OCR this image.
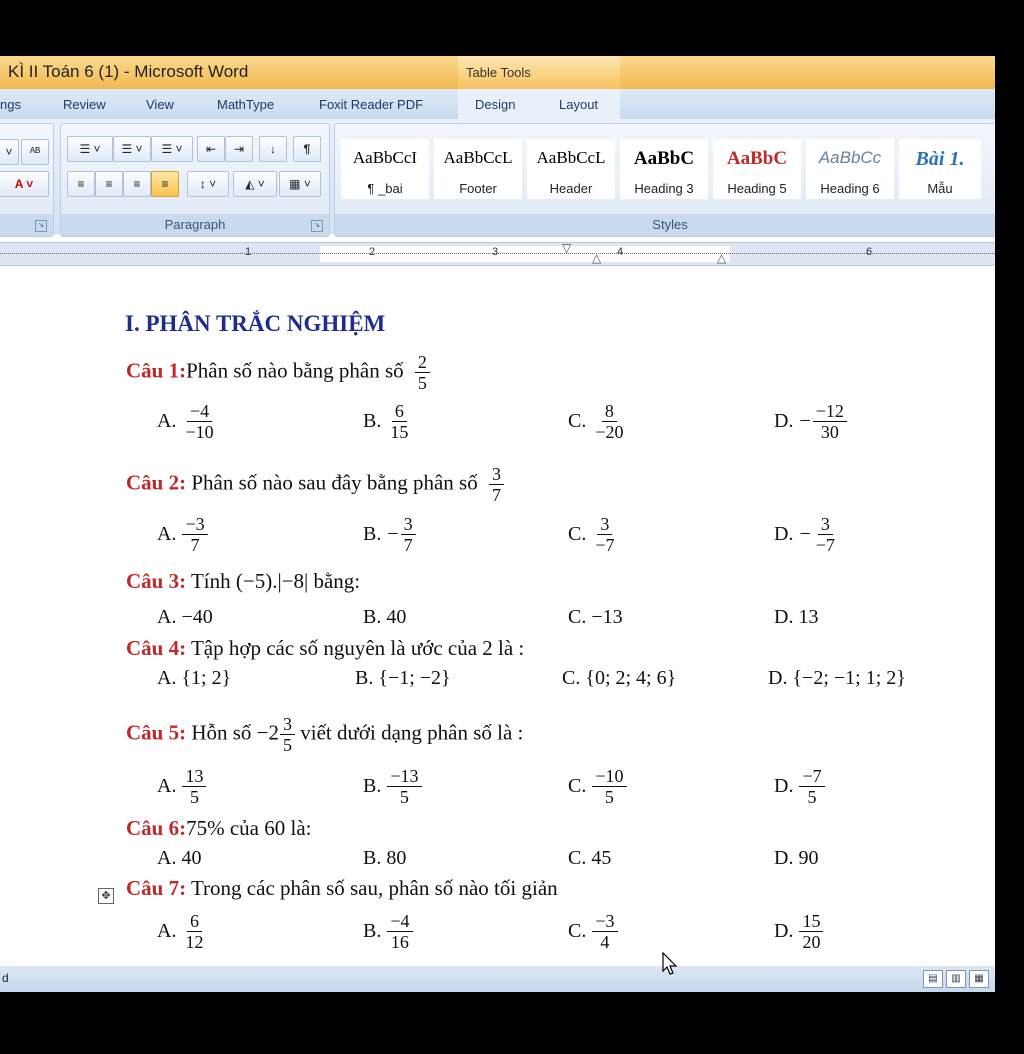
KÌ II Toán 6 (1) - Microsoft Word	Table Tools
ngs	Review	View	MathType	Foxit Reader PDF	Design	Layout
˅	ᴬᴮ
A ˅
↘
☰ ˅	☰ ˅	☰ ˅	⇤	⇥	↓	¶
≡	≡	≡	≡	↕ ˅	◭ ˅	▦ ˅
Paragraph	↘
AaBbCcI
¶ _bai
AaBbCcL
Footer
AaBbCcL
Header
AaBbC
Heading 3
AaBbC
Heading 5
AaBbCc
Heading 6
Bài 1.
Mẫu
Styles
1	2	3	4	6
▽
△	△
I. PHÂN TRẮC NGHIỆM
Câu 1:Phân số nào bằng phân số $\frac{2}{5}$
A. $\frac{-4}{-10}$	B. $\frac{6}{15}$	C. $\frac{8}{-20}$	D. − $\frac{-12}{30}$
Câu 2: Phân số nào sau đây bằng phân số $\frac{3}{7}$
A. $\frac{-3}{7}$	B. − $\frac{3}{7}$	C. $\frac{3}{-7}$	D. − $\frac{3}{-7}$
Câu 3: Tính (−5).|−8| bằng:
A.
−40	B.
40	C.
−13	D.
13
Câu 4: Tập hợp các số nguyên là ước của 2 là :
A.
{1; 2}	B.
{−1; −2}	C.
{0; 2; 4; 6}	D.
{−2; −1; 1; 2}
Câu 5: Hỗn số $-2 \frac{3}{5}$ viết dưới dạng phân số là :
A. $\frac{13}{5}$	B. $\frac{-13}{5}$	C. $\frac{-10}{5}$	D. $\frac{-7}{5}$
Câu 6:75% của 60 là:
A.
40	B.
80	C.
45	D.
90
Câu 7: Trong các phân số sau, phân số nào tối giản
A. $\frac{6}{12}$	B. $\frac{-4}{16}$	C. $\frac{-3}{4}$	D. $\frac{15}{20}$
d	▤	▥	▦
✥
